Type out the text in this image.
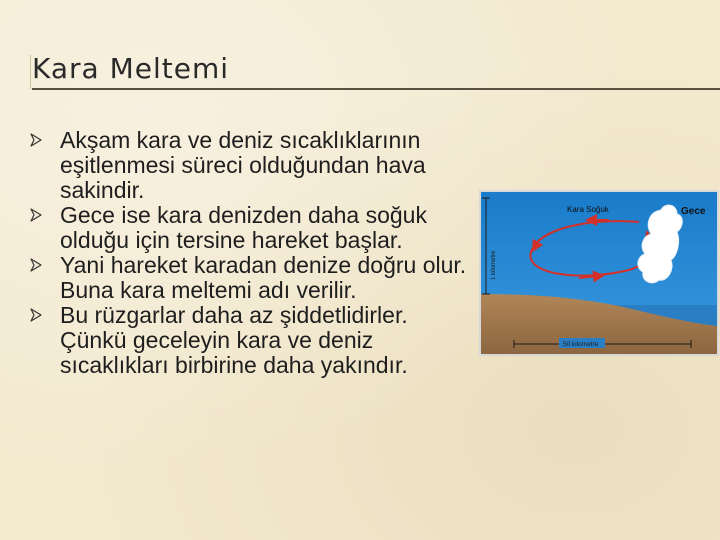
Kara Meltemi
Akşam kara ve deniz sıcaklıklarının eşitlenmesi süreci olduğundan hava sakindir.
Gece ise kara denizden daha soğuk olduğu için tersine hareket başlar.
Yani hareket karadan denize doğru olur. Buna kara meltemi adı verilir.
Bu rüzgarlar daha az şiddetlidirler. Çünkü geceleyin kara ve deniz sıcaklıkları birbirine daha yakındır.
1 kilometre
Kara Soğuk	Gece
50 kilometre
